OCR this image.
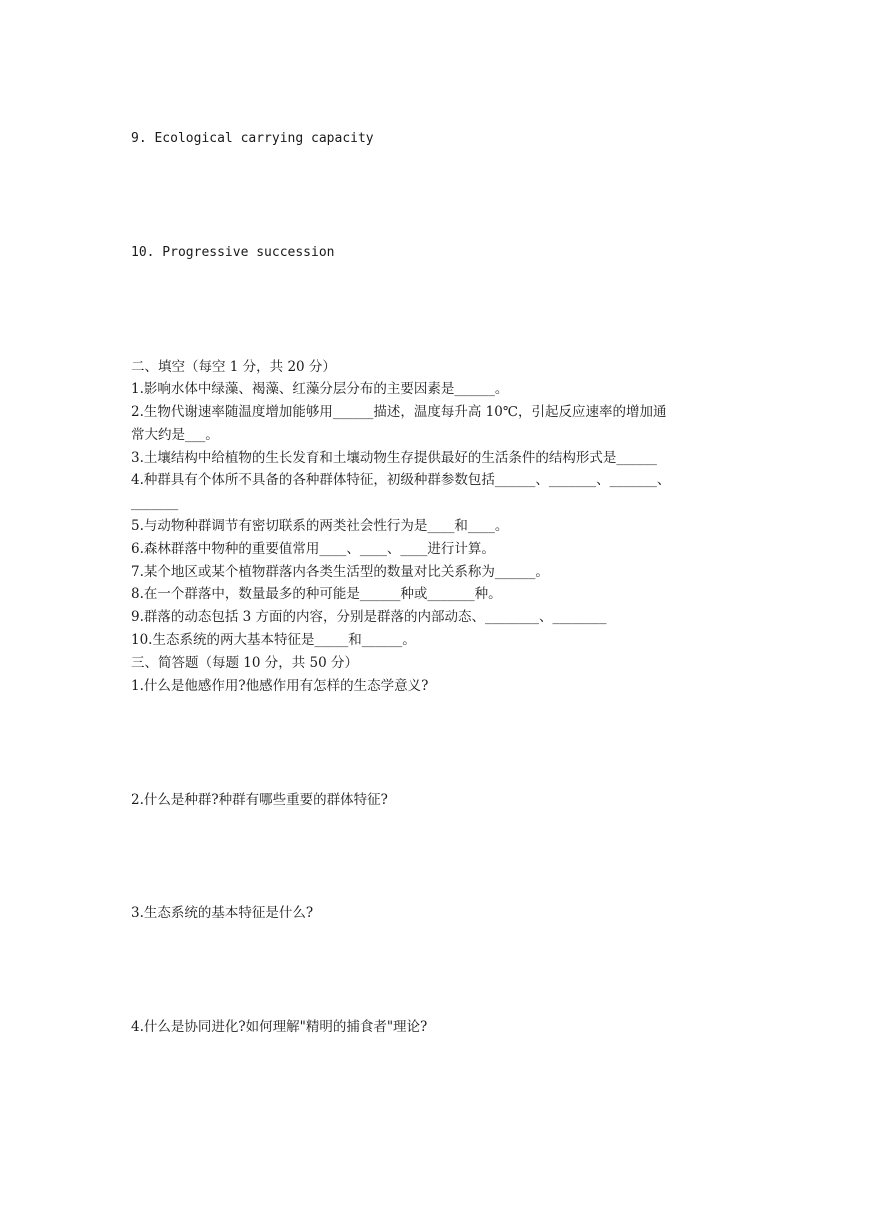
9. Ecological carrying capacity
10. Progressive succession
二、填空（每空 1 分，共 20 分）
1.影响水体中绿藻、褐藻、红藻分层分布的主要因素是______。
2.生物代谢速率随温度增加能够用______描述，温度每升高 10℃，引起反应速率的增加通
常大约是___。
3.土壤结构中给植物的生长发育和土壤动物生存提供最好的生活条件的结构形式是______
4.种群具有个体所不具备的各种群体特征，初级种群参数包括______、_______、_______、
_______
5.与动物种群调节有密切联系的两类社会性行为是____和____。
6.森林群落中物种的重要值常用____、____、____进行计算。
7.某个地区或某个植物群落内各类生活型的数量对比关系称为______。
8.在一个群落中，数量最多的种可能是______种或_______种。
9.群落的动态包括 3 方面的内容，分别是群落的内部动态、________、________
10.生态系统的两大基本特征是_____和______。
三、简答题（每题 10 分，共 50 分）
1.什么是他感作用?他感作用有怎样的生态学意义?
2.什么是种群?种群有哪些重要的群体特征?
3.生态系统的基本特征是什么?
4.什么是协同进化?如何理解"精明的捕食者"理论?
